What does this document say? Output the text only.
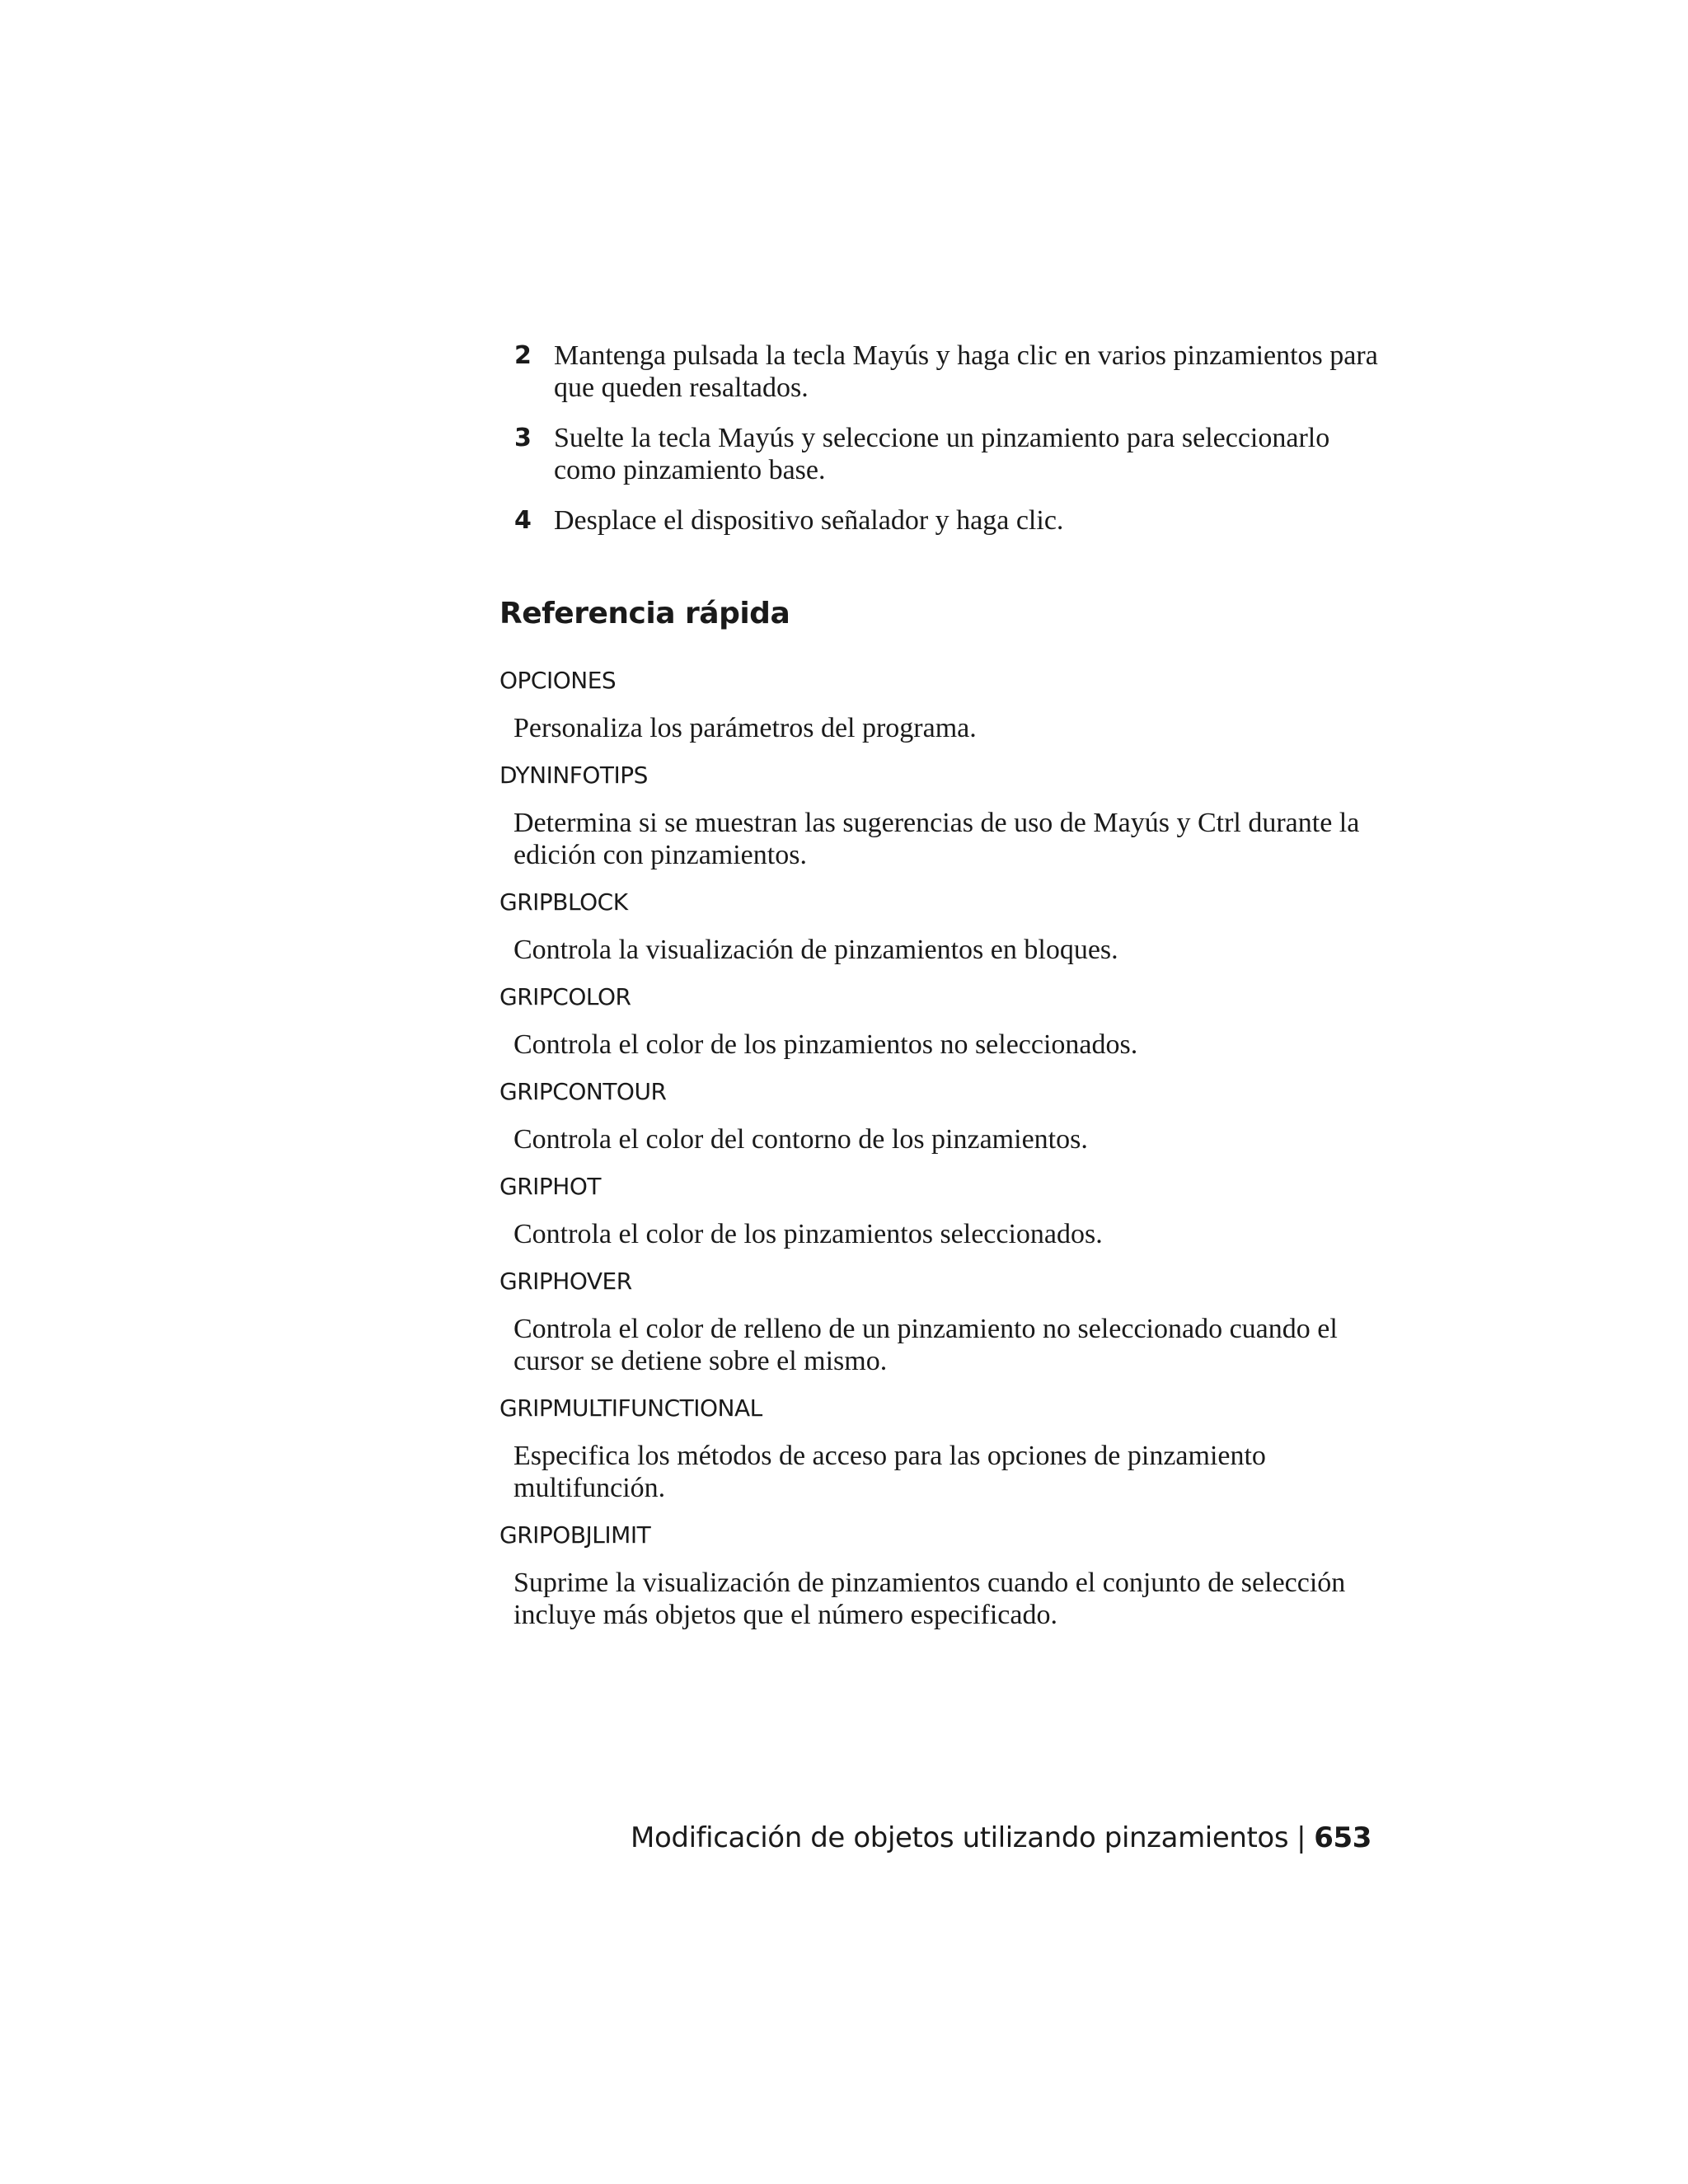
2 Mantenga pulsada la tecla Mayús y haga clic en varios pinzamientos para que queden resaltados.
3 Suelte la tecla Mayús y seleccione un pinzamiento para seleccionarlo como pinzamiento base.
4 Desplace el dispositivo señalador y haga clic.
Referencia rápida
OPCIONES
Personaliza los parámetros del programa.
DYNINFOTIPS
Determina si se muestran las sugerencias de uso de Mayús y Ctrl durante la edición con pinzamientos.
GRIPBLOCK
Controla la visualización de pinzamientos en bloques.
GRIPCOLOR
Controla el color de los pinzamientos no seleccionados.
GRIPCONTOUR
Controla el color del contorno de los pinzamientos.
GRIPHOT
Controla el color de los pinzamientos seleccionados.
GRIPHOVER
Controla el color de relleno de un pinzamiento no seleccionado cuando el cursor se detiene sobre el mismo.
GRIPMULTIFUNCTIONAL
Especifica los métodos de acceso para las opciones de pinzamiento multifunción.
GRIPOBJLIMIT
Suprime la visualización de pinzamientos cuando el conjunto de selección incluye más objetos que el número especificado.
Modificación de objetos utilizando pinzamientos | 653
